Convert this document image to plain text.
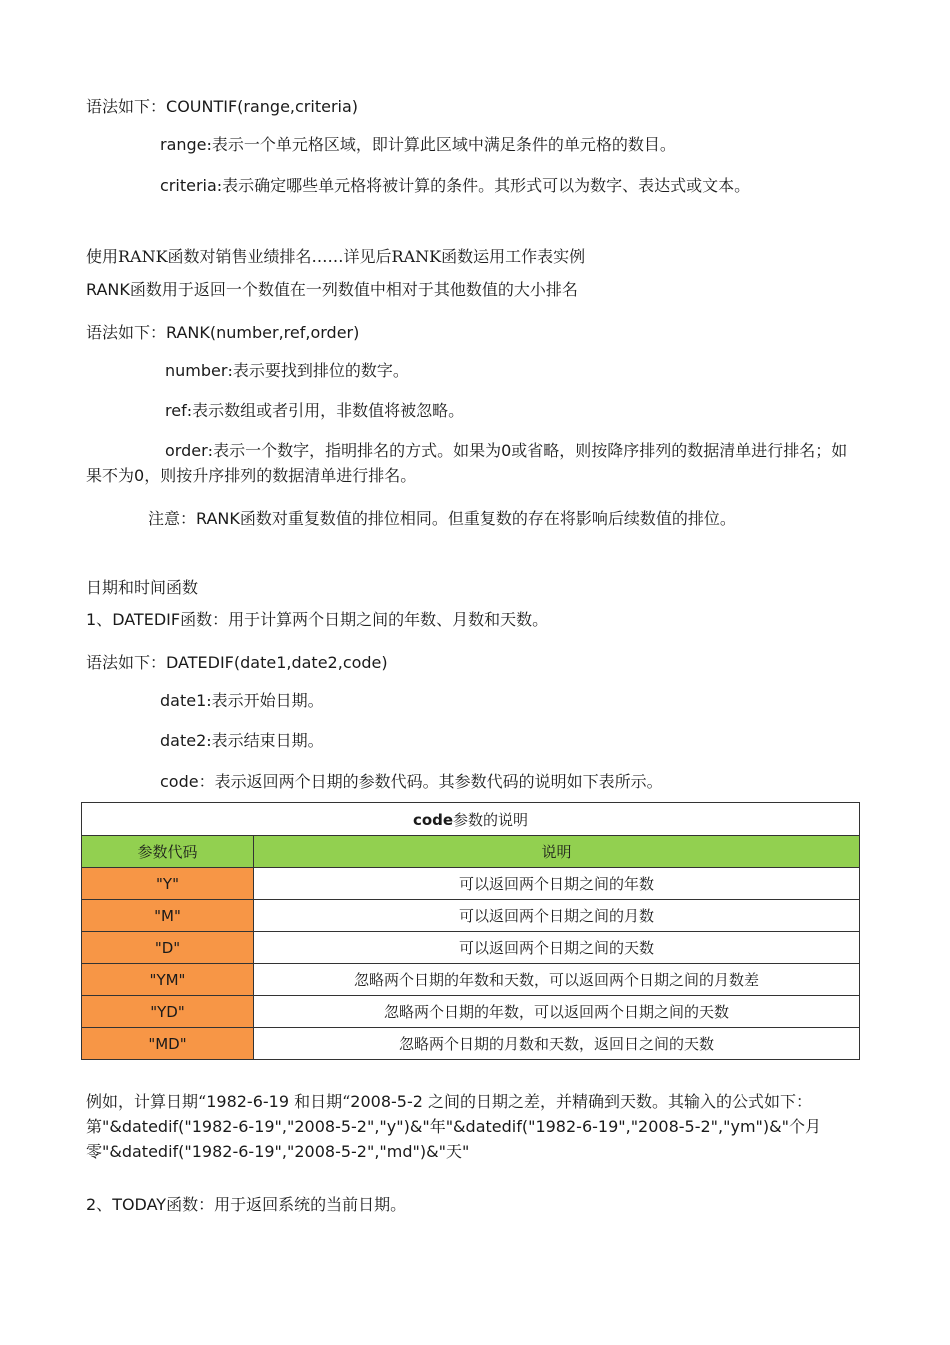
语法如下：COUNTIF(range,criteria)
range:表示一个单元格区域，即计算此区域中满足条件的单元格的数目。
criteria:表示确定哪些单元格将被计算的条件。其形式可以为数字、表达式或文本。
使用RANK函数对销售业绩排名……详见后RANK函数运用工作表实例
RANK函数用于返回一个数值在一列数值中相对于其他数值的大小排名
语法如下：RANK(number,ref,order)
number:表示要找到排位的数字。
ref:表示数组或者引用，非数值将被忽略。
order:表示一个数字，指明排名的方式。如果为0或省略，则按降序排列的数据清单进行排名；如果不为0，则按升序排列的数据清单进行排名。
注意：RANK函数对重复数值的排位相同。但重复数的存在将影响后续数值的排位。
日期和时间函数
1、DATEDIF函数：用于计算两个日期之间的年数、月数和天数。
语法如下：DATEDIF(date1,date2,code)
date1:表示开始日期。
date2:表示结束日期。
code：表示返回两个日期的参数代码。其参数代码的说明如下表所示。
code参数的说明	
参数代码	说明
"Y"	可以返回两个日期之间的年数
"M"	可以返回两个日期之间的月数
"D"	可以返回两个日期之间的天数
"YM"	忽略两个日期的年数和天数，可以返回两个日期之间的月数差
"YD"	忽略两个日期的年数，可以返回两个日期之间的天数
"MD"	忽略两个日期的月数和天数，返回日之间的天数
例如，计算日期“1982-6-19 和日期“2008-5-2 之间的日期之差，并精确到天数。其输入的公式如下：第"&datedif("1982-6-19","2008-5-2","y")&"年"&datedif("1982-6-19","2008-5-2","ym")&"个月零"&datedif("1982-6-19","2008-5-2","md")&"天"
2、TODAY函数：用于返回系统的当前日期。
